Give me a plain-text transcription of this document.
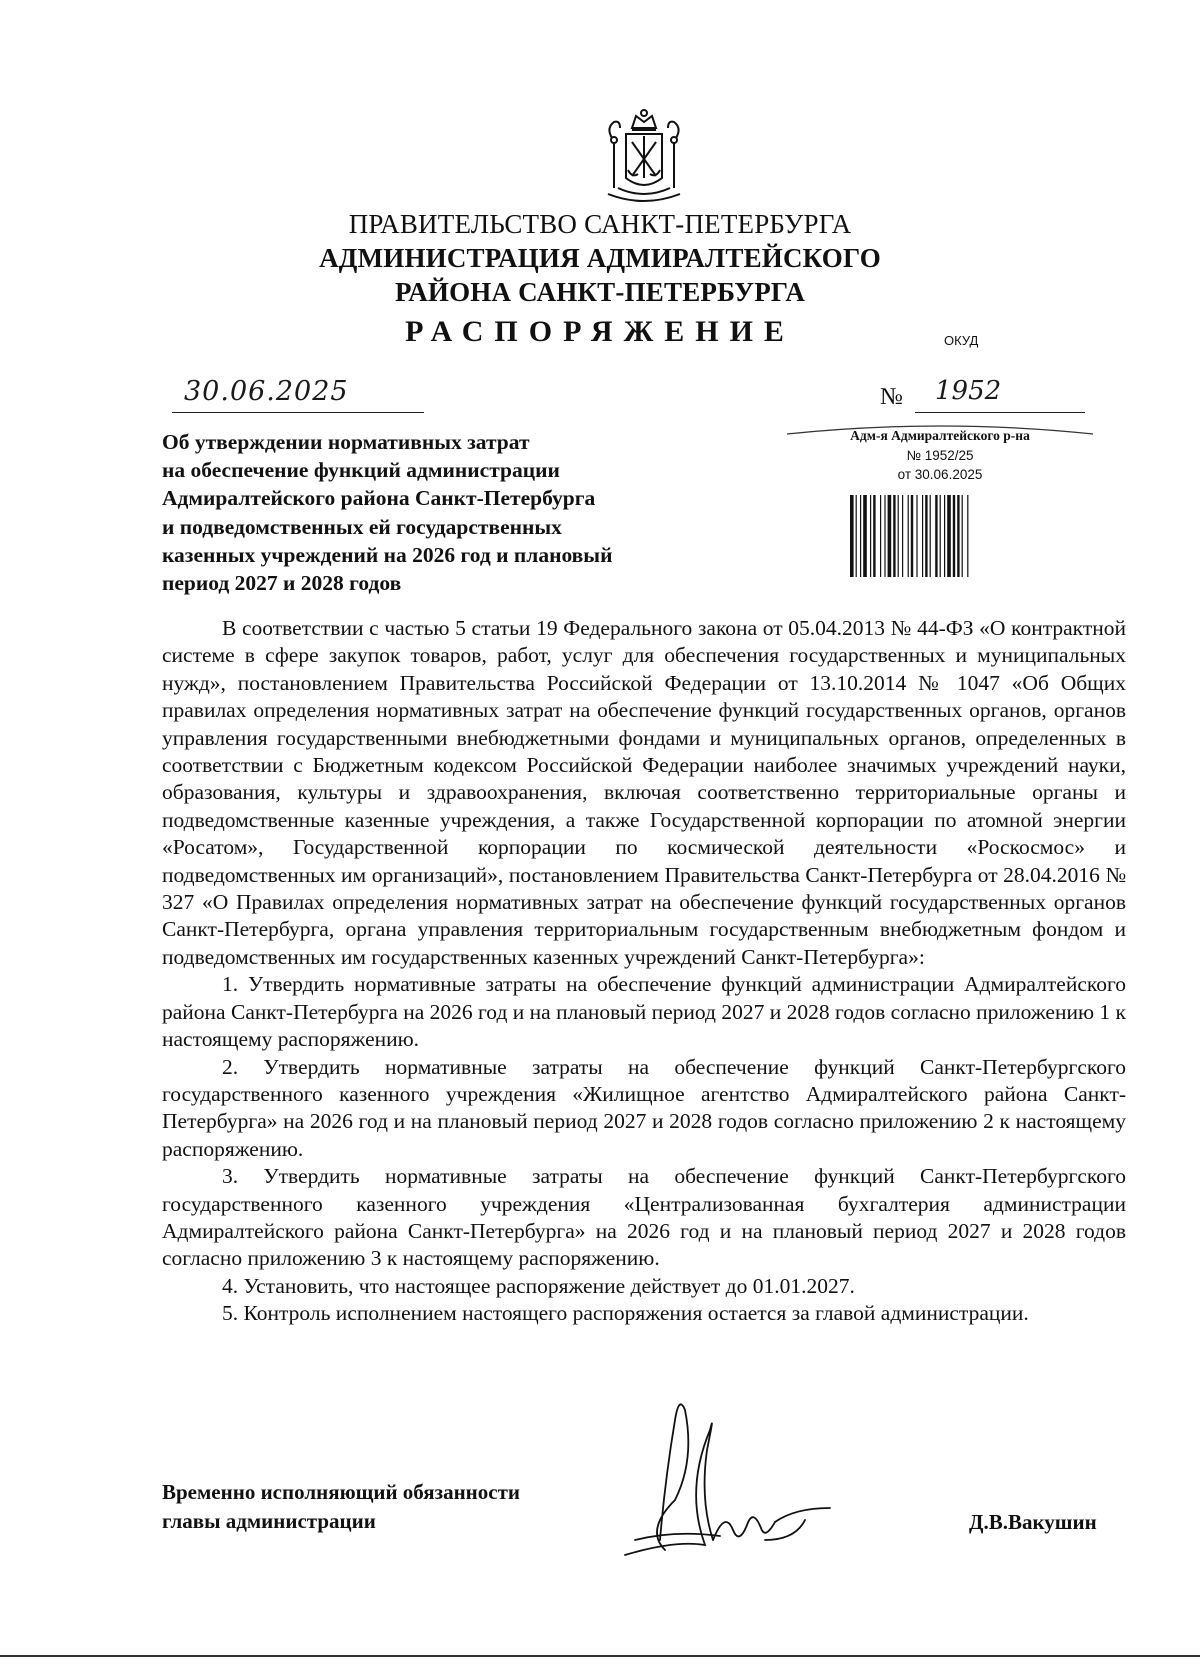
ПРАВИТЕЛЬСТВО САНКТ-ПЕТЕРБУРГА
АДМИНИСТРАЦИЯ АДМИРАЛТЕЙСКОГО
РАЙОНА САНКТ-ПЕТЕРБУРГА
РАСПОРЯЖЕНИЕ	ОКУД
30.06.2025	№ 1952
Об утверждении нормативных затрат
на обеспечение функций администрации
Адмиралтейского района Санкт-Петербурга
и подведомственных ей государственных
казенных учреждений на 2026 год и плановый
период 2027 и 2028 годов
Адм-я Адмиралтейского р-на
№ 1952/25
от 30.06.2025

В соответствии с частью 5 статьи 19 Федерального закона от 05.04.2013 № 44-ФЗ «О контрактной системе в сфере закупок товаров, работ, услуг для обеспечения государственных и муниципальных нужд», постановлением Правительства Российской Федерации от 13.10.2014 № 1047 «Об Общих правилах определения нормативных затрат на обеспечение функций государственных органов, органов управления государственными внебюджетными фондами и муниципальных органов, определенных в соответствии с Бюджетным кодексом Российской Федерации наиболее значимых учреждений науки, образования, культуры и здравоохранения, включая соответственно территориальные органы и подведомственные казенные учреждения, а также Государственной корпорации по атомной энергии «Росатом», Государственной корпорации по космической деятельности «Роскосмос» и подведомственных им организаций», постановлением Правительства Санкт-Петербурга от 28.04.2016 № 327 «О Правилах определения нормативных затрат на обеспечение функций государственных органов Санкт-Петербурга, органа управления территориальным государственным внебюджетным фондом и подведомственных им государственных казенных учреждений Санкт-Петербурга»:

1. Утвердить нормативные затраты на обеспечение функций администрации Адмиралтейского района Санкт-Петербурга на 2026 год и на плановый период 2027 и 2028 годов согласно приложению 1 к настоящему распоряжению.

2. Утвердить нормативные затраты на обеспечение функций Санкт-Петербургского государственного казенного учреждения «Жилищное агентство Адмиралтейского района Санкт-Петербурга» на 2026 год и на плановый период 2027 и 2028 годов согласно приложению 2 к настоящему распоряжению.

3. Утвердить нормативные затраты на обеспечение функций Санкт-Петербургского государственного казенного учреждения «Централизованная бухгалтерия администрации Адмиралтейского района Санкт-Петербурга» на 2026 год и на плановый период 2027 и 2028 годов согласно приложению 3 к настоящему распоряжению.

4. Установить, что настоящее распоряжение действует до 01.01.2027.

5. Контроль исполнением настоящего распоряжения остается за главой администрации.

Временно исполняющий обязанности
главы администрации	Д.В.Вакушин
